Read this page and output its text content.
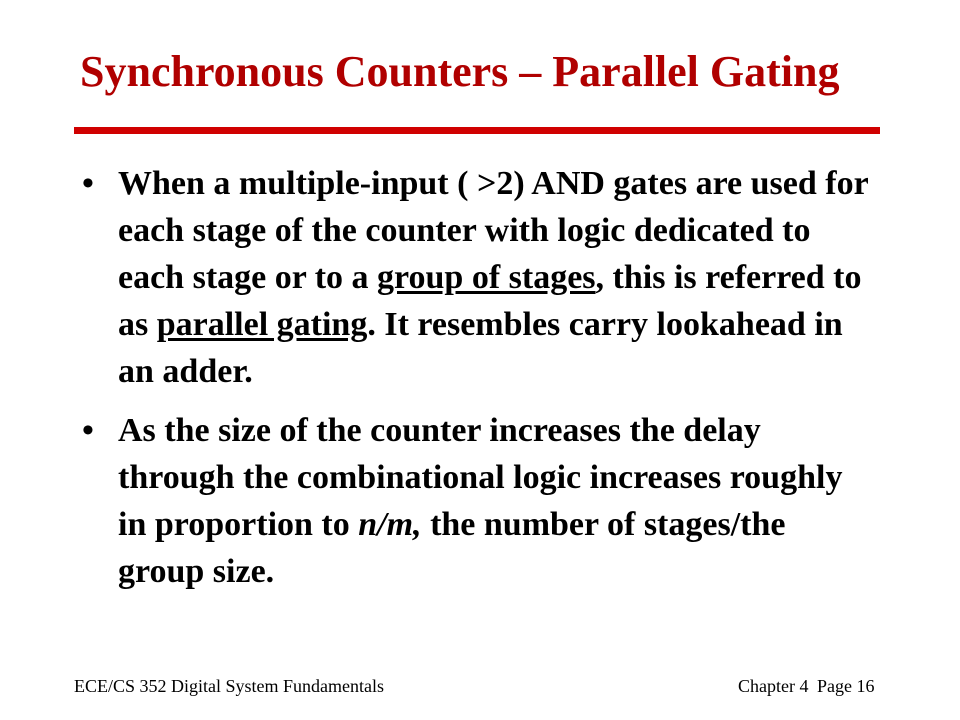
Synchronous Counters – Parallel Gating
• When a multiple-input ( >2) AND gates are used for each stage of the counter with logic dedicated to each stage or to a group of stages, this is referred to as parallel gating. It resembles carry lookahead in an adder.
• As the size of the counter increases the delay through the combinational logic increases roughly in proportion to n/m, the number of stages/the group size.
ECE/CS 352 Digital System Fundamentals	Chapter 4 Page 16
